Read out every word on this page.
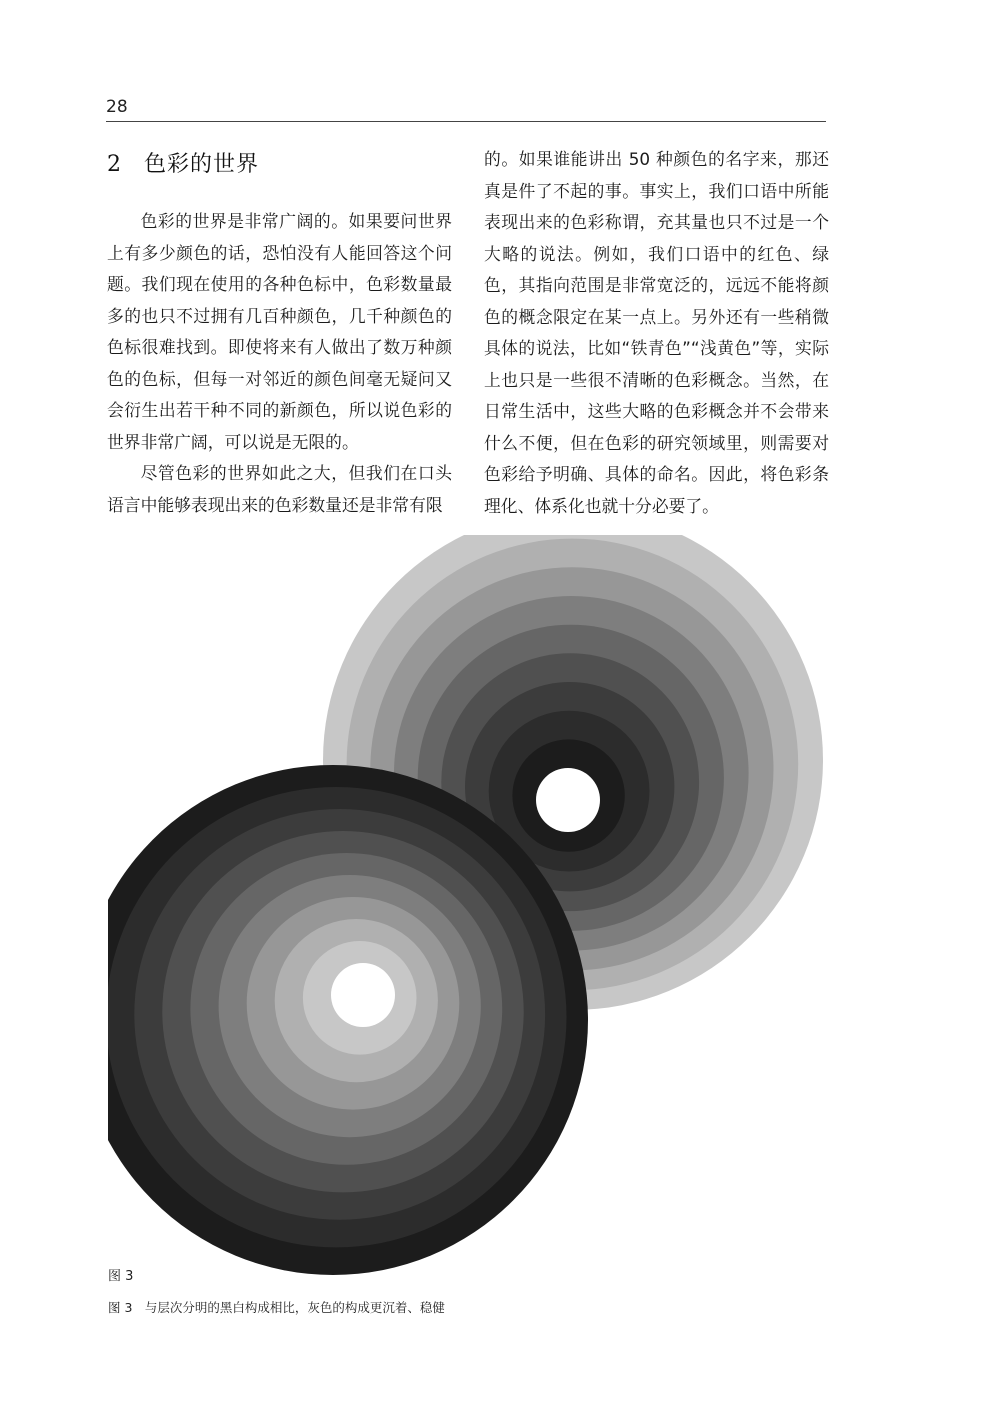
28
2 色彩的世界

色彩的世界是非常广阔的。如果要问世界上有多少颜色的话，恐怕没有人能回答这个问题。我们现在使用的各种色标中，色彩数量最多的也只不过拥有几百种颜色，几千种颜色的色标很难找到。即使将来有人做出了数万种颜色的色标，但每一对邻近的颜色间毫无疑问又会衍生出若干种不同的新颜色，所以说色彩的世界非常广阔，可以说是无限的。

尽管色彩的世界如此之大，但我们在口头语言中能够表现出来的色彩数量还是非常有限

的。如果谁能讲出 50 种颜色的名字来，那还真是件了不起的事。事实上，我们口语中所能表现出来的色彩称谓，充其量也只不过是一个大略的说法。例如，我们口语中的红色、绿色，其指向范围是非常宽泛的，远远不能将颜色的概念限定在某一点上。另外还有一些稍微具体的说法，比如“铁青色”“浅黄色”等，实际上也只是一些很不清晰的色彩概念。当然，在日常生活中，这些大略的色彩概念并不会带来什么不便，但在色彩的研究领域里，则需要对色彩给予明确、具体的命名。因此，将色彩条理化、体系化也就十分必要了。

图 3
图 3　与层次分明的黑白构成相比，灰色的构成更沉着、稳健
